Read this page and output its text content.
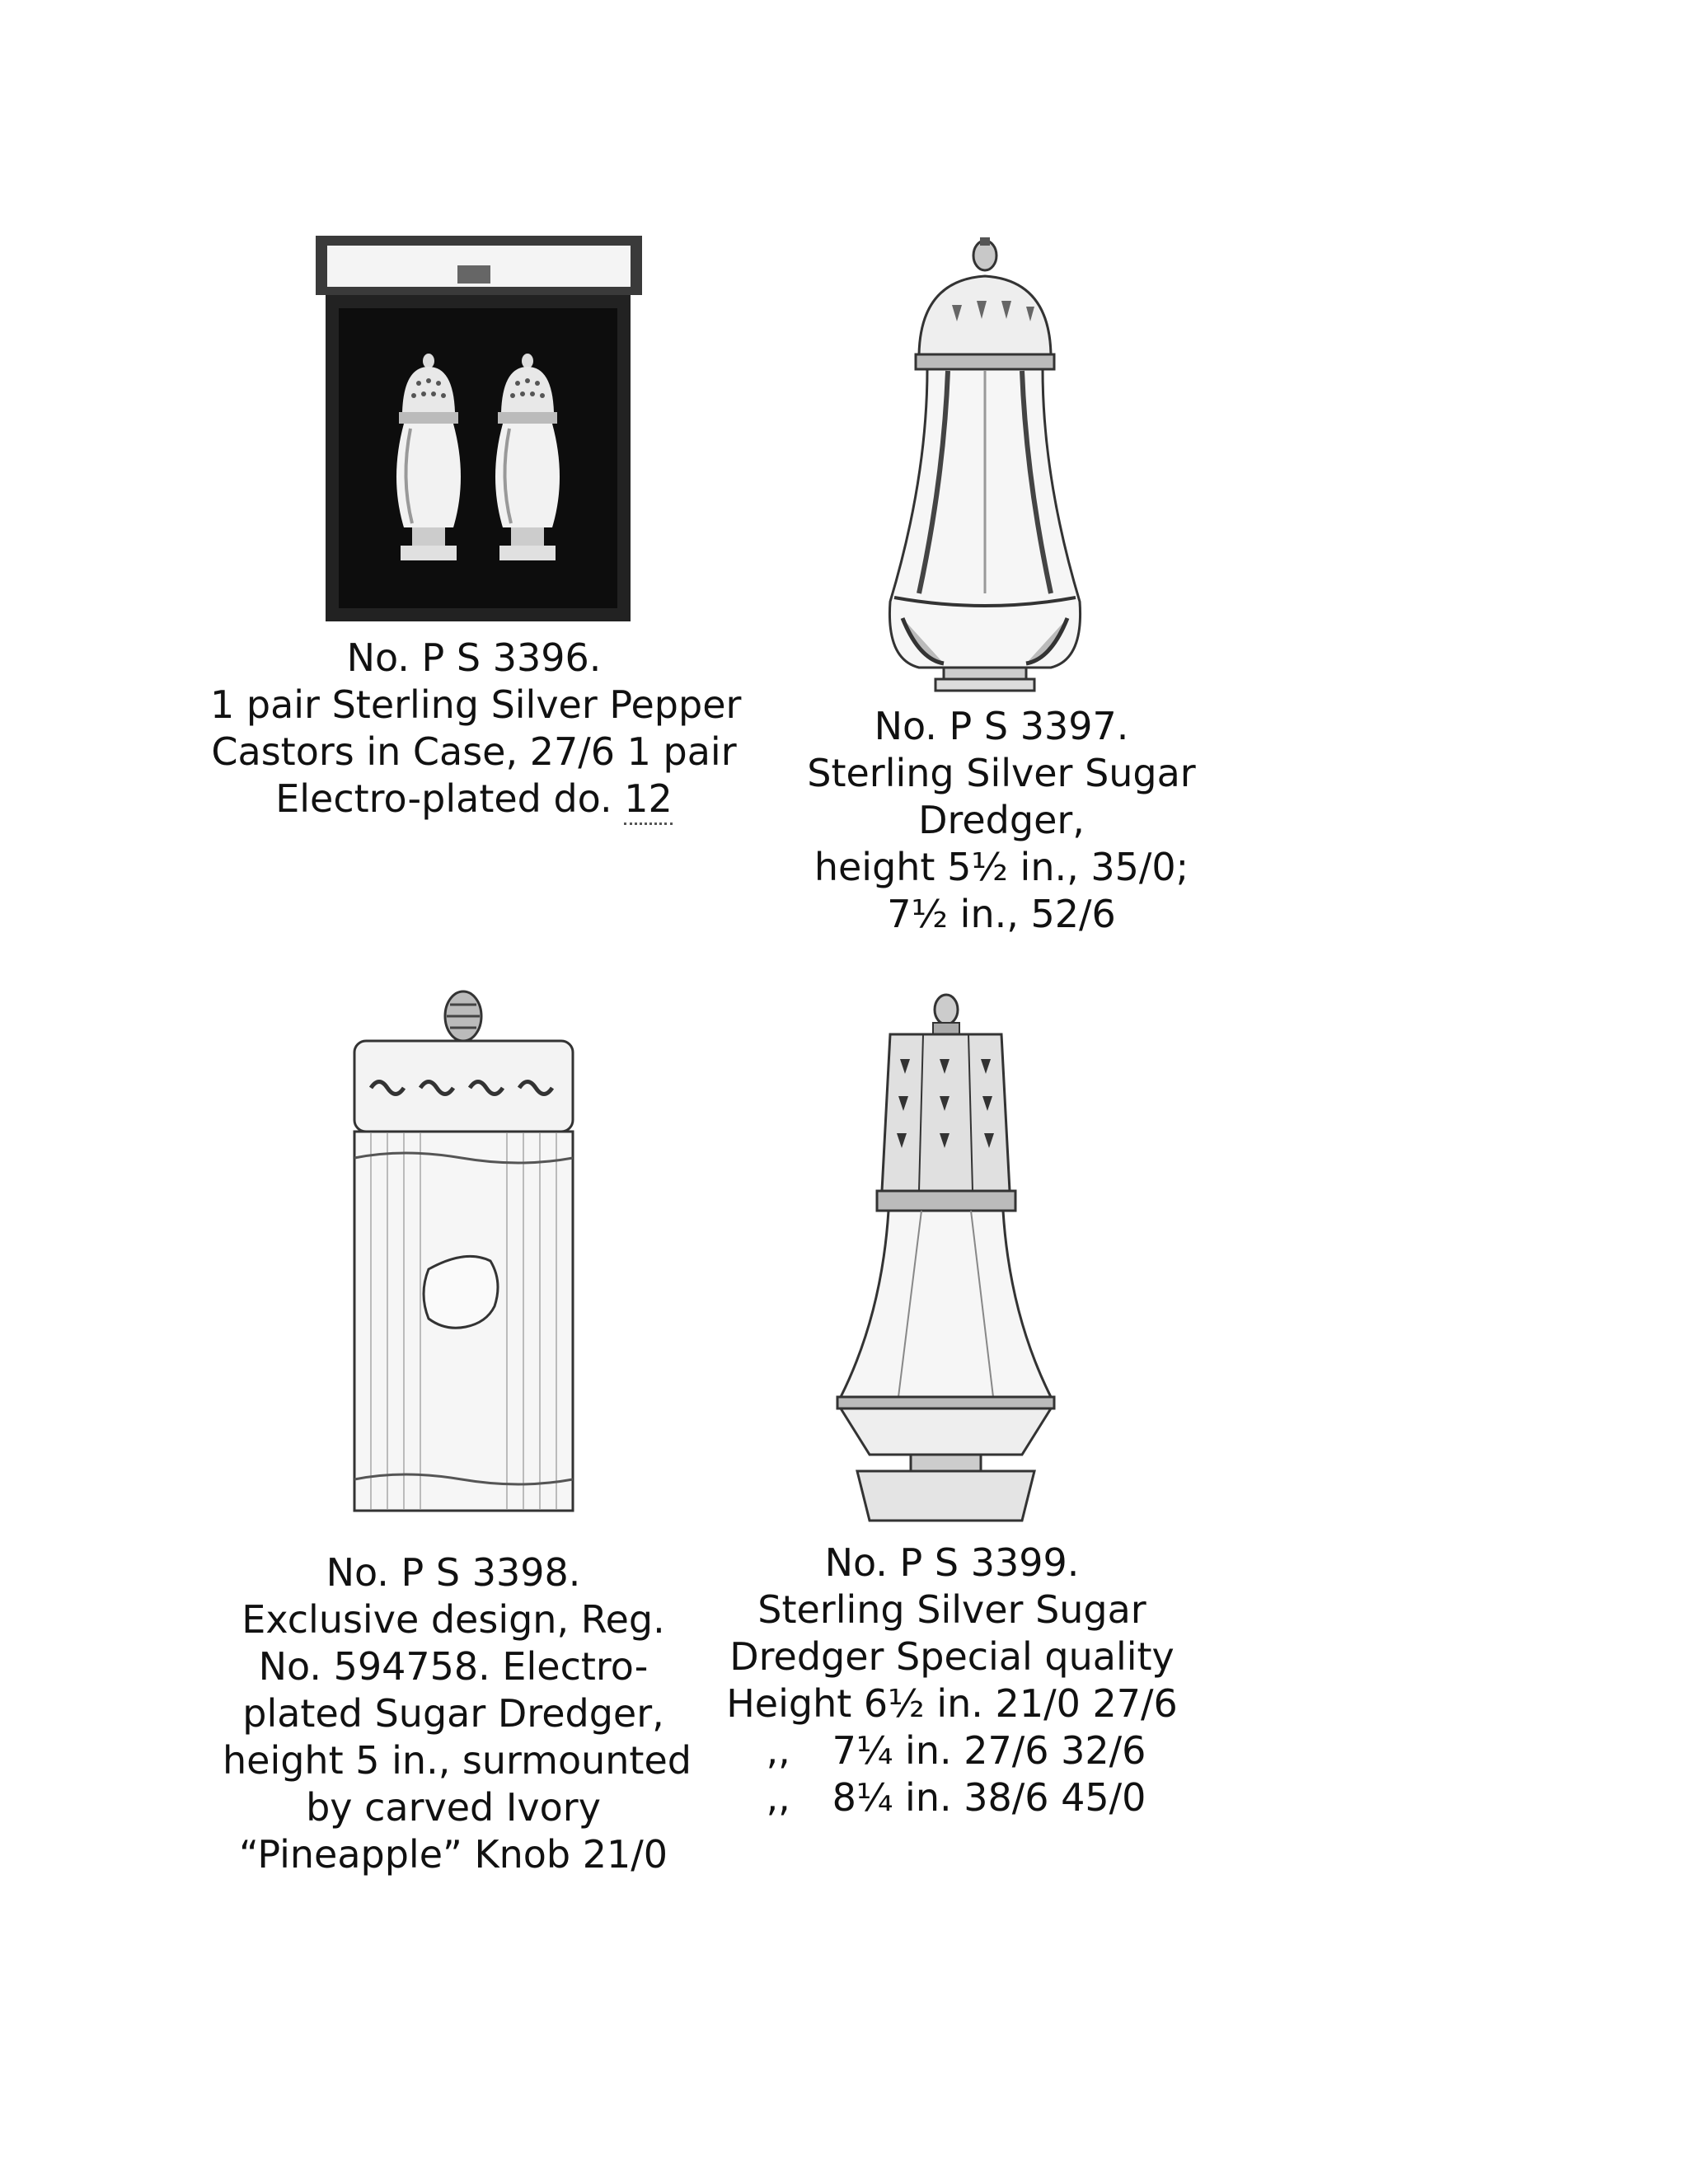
No. P S 3396.
1 pair Sterling Silver Pepper
Castors in Case, 27/6 1 pair
Electro-plated do. 12
No. P S 3397.
Sterling Silver Sugar
Dredger,
height 5½ in., 35/0;
7½ in., 52/6
No. P S 3398.
Exclusive design, Reg.
No. 594758. Electro-
plated Sugar Dredger,
height 5 in., surmounted
by carved Ivory
“Pineapple” Knob 21/0
No. P S 3399.
Sterling Silver Sugar
Dredger Special quality
Height 6½ in. 21/0 27/6
,, 7¼ in. 27/6 32/6
,, 8¼ in. 38/6 45/0
